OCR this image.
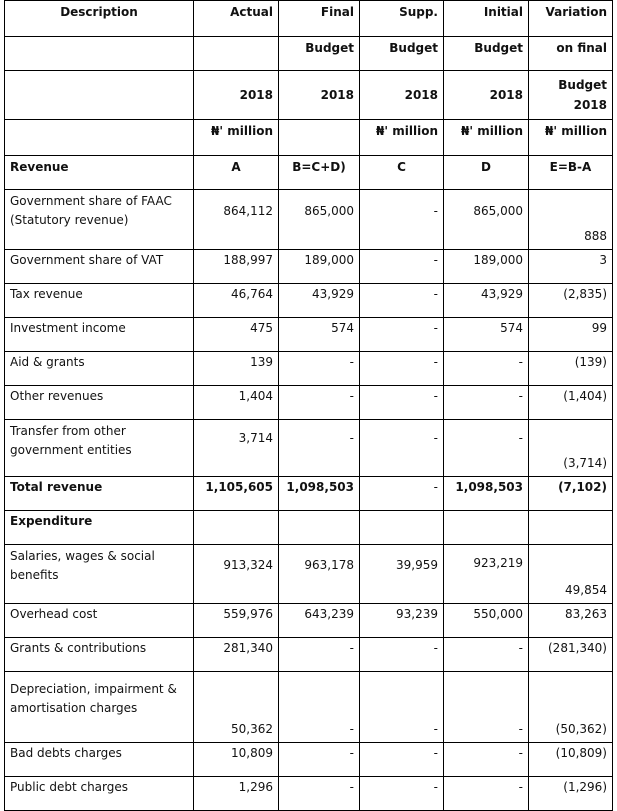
Description	Actual	Final	Supp.	Initial	Variation
		Budget	Budget	Budget	on final
	2018	2018	2018	2018	Budget 2018
	₦' million		₦' million	₦' million	₦' million
Revenue	A	B=C+D)	C	D	E=B-A
Government share of FAAC (Statutory revenue)	864,112	865,000	-	865,000	888
Government share of VAT	188,997	189,000	-	189,000	3
Tax revenue	46,764	43,929	-	43,929	(2,835)
Investment income	475	574	-	574	99
Aid & grants	139	-	-	-	(139)
Other revenues	1,404	-	-	-	(1,404)
Transfer from other government entities	3,714	-	-	-	(3,714)
Total revenue	1,105,605	1,098,503	-	1,098,503	(7,102)
Expenditure					
Salaries, wages & social benefits	913,324	963,178	39,959	923,219	49,854
Overhead cost	559,976	643,239	93,239	550,000	83,263
Grants & contributions	281,340	-	-	-	(281,340)
Depreciation, impairment & amortisation charges	50,362	-	-	-	(50,362)
Bad debts charges	10,809	-	-	-	(10,809)
Public debt charges	1,296	-	-	-	(1,296)
